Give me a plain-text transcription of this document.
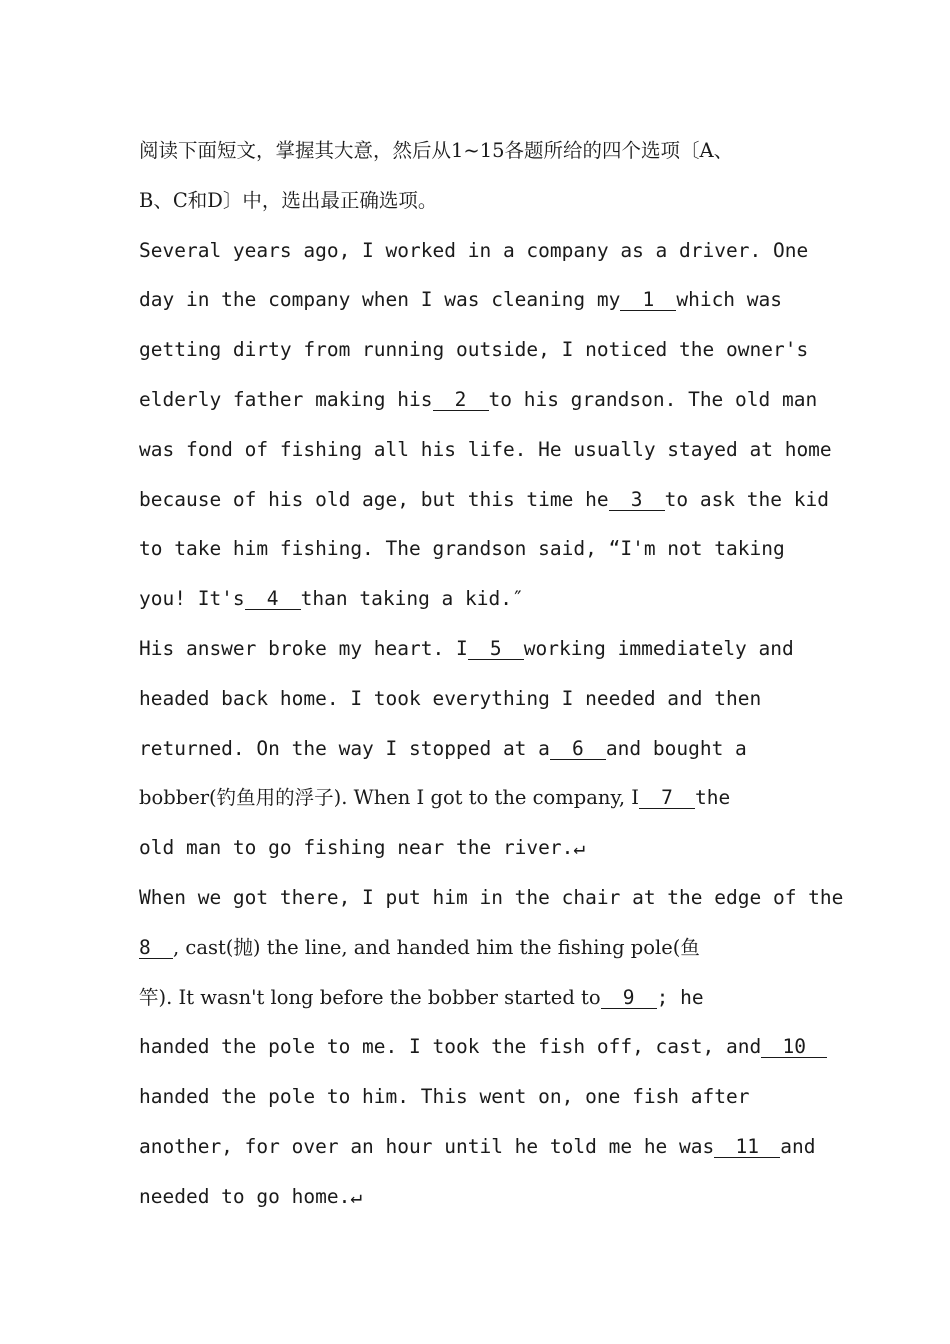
阅读下面短文，掌握其大意，然后从1~15各题所给的四个选项〔A、
B、C和D〕中，选出最正确选项。
Several years ago, I worked in a company as a driver. One
day in the company when I was cleaning my 1 which was
getting dirty from running outside, I noticed the owner's
elderly father making his 2 to his grandson. The old man
was fond of fishing all his life. He usually stayed at home
because of his old age, but this time he 3 to ask the kid
to take him fishing. The grandson said, “I'm not taking
you! It's 4 than taking a kid.″
His answer broke my heart. I 5 working immediately and
headed back home. I took everything I needed and then
returned. On the way I stopped at a 6 and bought a
bobber(钓鱼用的浮子). When I got to the company, I 7 the
old man to go fishing near the river.↵
When we got there, I put him in the chair at the edge of the
8 , cast(抛) the line, and handed him the fishing pole(鱼
竿). It wasn't long before the bobber started to 9 ; he
handed the pole to me. I took the fish off, cast, and 10
handed the pole to him. This went on, one fish after
another, for over an hour until he told me he was 11 and
needed to go home.↵
